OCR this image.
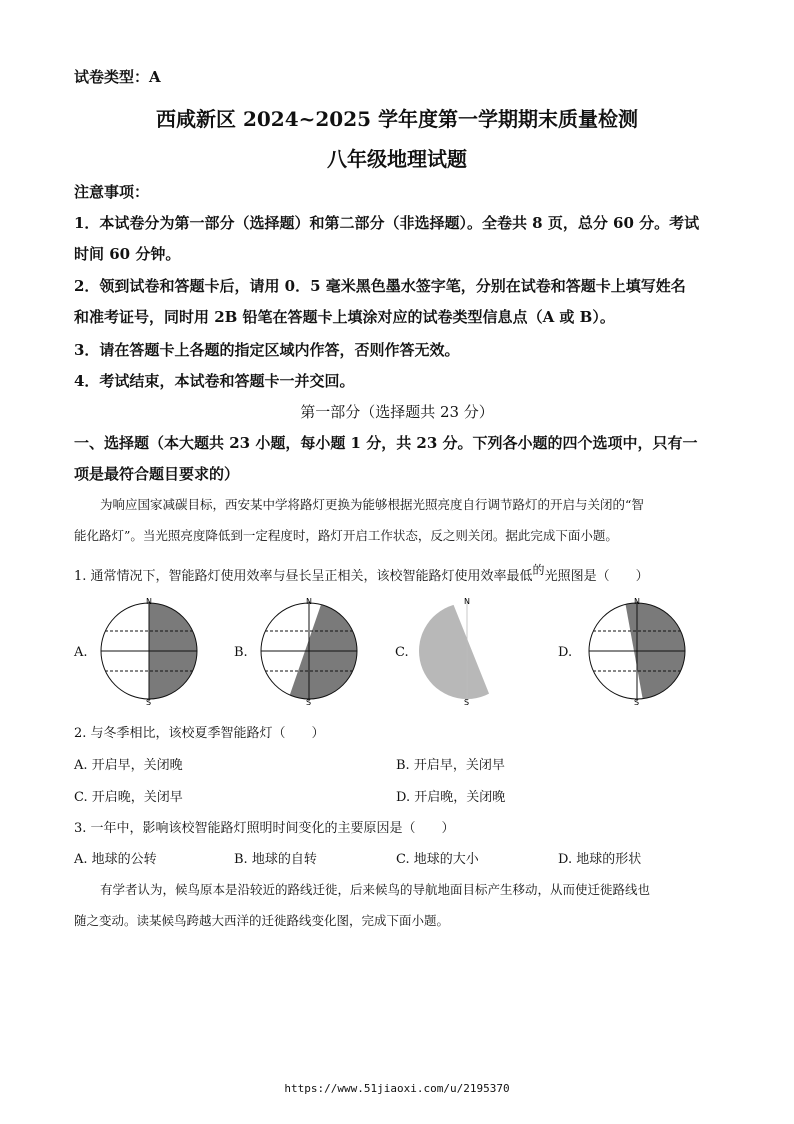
试卷类型：A
西咸新区 2024~2025 学年度第一学期期末质量检测
八年级地理试题
注意事项：
1．本试卷分为第一部分（选择题）和第二部分（非选择题）。全卷共 8 页，总分 60 分。考试
时间 60 分钟。
2．领到试卷和答题卡后，请用 0．5 毫米黑色墨水签字笔，分别在试卷和答题卡上填写姓名
和准考证号，同时用 2B 铅笔在答题卡上填涂对应的试卷类型信息点（A 或 B）。
3．请在答题卡上各题的指定区域内作答，否则作答无效。
4．考试结束，本试卷和答题卡一并交回。
第一部分（选择题共 23 分）
一、选择题（本大题共 23 小题，每小题 1 分，共 23 分。下列各小题的四个选项中，只有一
项是最符合题目要求的）
为响应国家减碳目标，西安某中学将路灯更换为能够根据光照亮度自行调节路灯的开启与关闭的“智
能化路灯”。当光照亮度降低到一定程度时，路灯开启工作状态，反之则关闭。据此完成下面小题。
1. 通常情况下，智能路灯使用效率与昼长呈正相关，该校智能路灯使用效率最低的光照图是（　　）
A.
N
S
B.
N
S
C.
N
S
D.
N
S
2. 与冬季相比，该校夏季智能路灯（　　）
A. 开启早，关闭晚	B. 开启早，关闭早
C. 开启晚，关闭早	D. 开启晚，关闭晚
3. 一年中，影响该校智能路灯照明时间变化的主要原因是（　　）
A. 地球的公转	B. 地球的自转	C. 地球的大小	D. 地球的形状
有学者认为，候鸟原本是沿较近的路线迁徙，后来候鸟的导航地面目标产生移动，从而使迁徙路线也
随之变动。读某候鸟跨越大西洋的迁徙路线变化图，完成下面小题。
https://www.51jiaoxi.com/u/2195370
